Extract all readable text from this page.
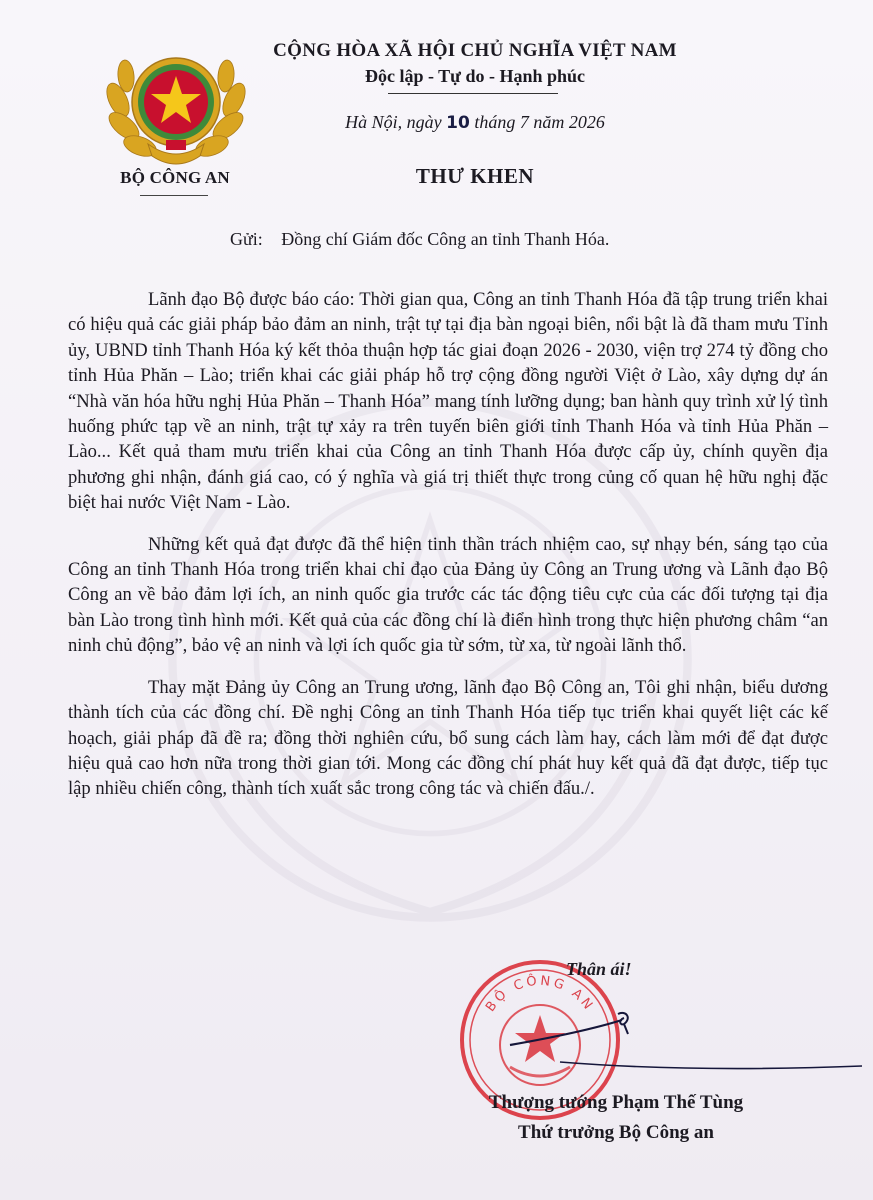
BỘ CÔNG AN
CỘNG HÒA XÃ HỘI CHỦ NGHĨA VIỆT NAM
Độc lập - Tự do - Hạnh phúc
Hà Nội, ngày 10 tháng 7 năm 2026
THƯ KHEN
Gửi: Đồng chí Giám đốc Công an tỉnh Thanh Hóa.

Lãnh đạo Bộ được báo cáo: Thời gian qua, Công an tỉnh Thanh Hóa đã tập trung triển khai có hiệu quả các giải pháp bảo đảm an ninh, trật tự tại địa bàn ngoại biên, nổi bật là đã tham mưu Tỉnh ủy, UBND tỉnh Thanh Hóa ký kết thỏa thuận hợp tác giai đoạn 2026 - 2030, viện trợ 274 tỷ đồng cho tỉnh Hủa Phăn – Lào; triển khai các giải pháp hỗ trợ cộng đồng người Việt ở Lào, xây dựng dự án “Nhà văn hóa hữu nghị Hủa Phăn – Thanh Hóa” mang tính lưỡng dụng; ban hành quy trình xử lý tình huống phức tạp về an ninh, trật tự xảy ra trên tuyến biên giới tỉnh Thanh Hóa và tỉnh Hủa Phăn – Lào... Kết quả tham mưu triển khai của Công an tỉnh Thanh Hóa được cấp ủy, chính quyền địa phương ghi nhận, đánh giá cao, có ý nghĩa và giá trị thiết thực trong củng cố quan hệ hữu nghị đặc biệt hai nước Việt Nam - Lào.

Những kết quả đạt được đã thể hiện tinh thần trách nhiệm cao, sự nhạy bén, sáng tạo của Công an tỉnh Thanh Hóa trong triển khai chỉ đạo của Đảng ủy Công an Trung ương và Lãnh đạo Bộ Công an về bảo đảm lợi ích, an ninh quốc gia trước các tác động tiêu cực của các đối tượng tại địa bàn Lào trong tình hình mới. Kết quả của các đồng chí là điển hình trong thực hiện phương châm “an ninh chủ động”, bảo vệ an ninh và lợi ích quốc gia từ sớm, từ xa, từ ngoài lãnh thổ.

Thay mặt Đảng ủy Công an Trung ương, lãnh đạo Bộ Công an, Tôi ghi nhận, biểu dương thành tích của các đồng chí. Đề nghị Công an tỉnh Thanh Hóa tiếp tục triển khai quyết liệt các kế hoạch, giải pháp đã đề ra; đồng thời nghiên cứu, bổ sung cách làm hay, cách làm mới để đạt được hiệu quả cao hơn nữa trong thời gian tới. Mong các đồng chí phát huy kết quả đã đạt được, tiếp tục lập nhiều chiến công, thành tích xuất sắc trong công tác và chiến đấu./.

BỘ CÔNG AN
Thân ái!
Thượng tướng Phạm Thế Tùng
Thứ trưởng Bộ Công an
